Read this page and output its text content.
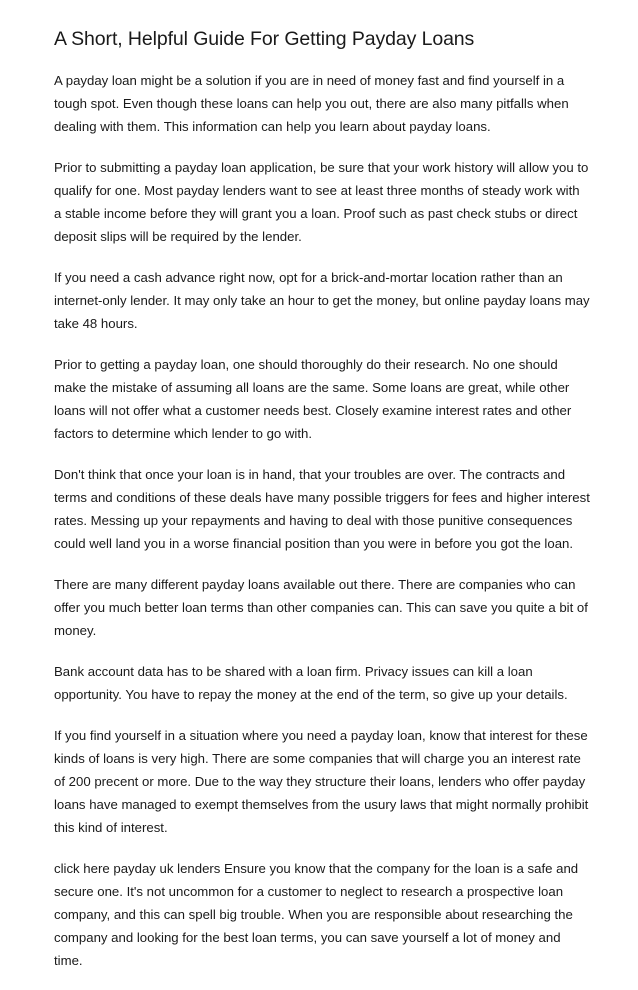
A Short, Helpful Guide For Getting Payday Loans

A payday loan might be a solution if you are in need of money fast and find yourself in a tough spot. Even though these loans can help you out, there are also many pitfalls when dealing with them. This information can help you learn about payday loans.

Prior to submitting a payday loan application, be sure that your work history will allow you to qualify for one. Most payday lenders want to see at least three months of steady work with a stable income before they will grant you a loan. Proof such as past check stubs or direct deposit slips will be required by the lender.

If you need a cash advance right now, opt for a brick-and-mortar location rather than an internet-only lender. It may only take an hour to get the money, but online payday loans may take 48 hours.

Prior to getting a payday loan, one should thoroughly do their research. No one should make the mistake of assuming all loans are the same. Some loans are great, while other loans will not offer what a customer needs best. Closely examine interest rates and other factors to determine which lender to go with.

Don't think that once your loan is in hand, that your troubles are over. The contracts and terms and conditions of these deals have many possible triggers for fees and higher interest rates. Messing up your repayments and having to deal with those punitive consequences could well land you in a worse financial position than you were in before you got the loan.

There are many different payday loans available out there. There are companies who can offer you much better loan terms than other companies can. This can save you quite a bit of money.

Bank account data has to be shared with a loan firm. Privacy issues can kill a loan opportunity. You have to repay the money at the end of the term, so give up your details.

If you find yourself in a situation where you need a payday loan, know that interest for these kinds of loans is very high. There are some companies that will charge you an interest rate of 200 precent or more. Due to the way they structure their loans, lenders who offer payday loans have managed to exempt themselves from the usury laws that might normally prohibit this kind of interest.

click here payday uk lenders Ensure you know that the company for the loan is a safe and secure one. It's not uncommon for a customer to neglect to research a prospective loan company, and this can spell big trouble. When you are responsible about researching the company and looking for the best loan terms, you can save yourself a lot of money and time.
